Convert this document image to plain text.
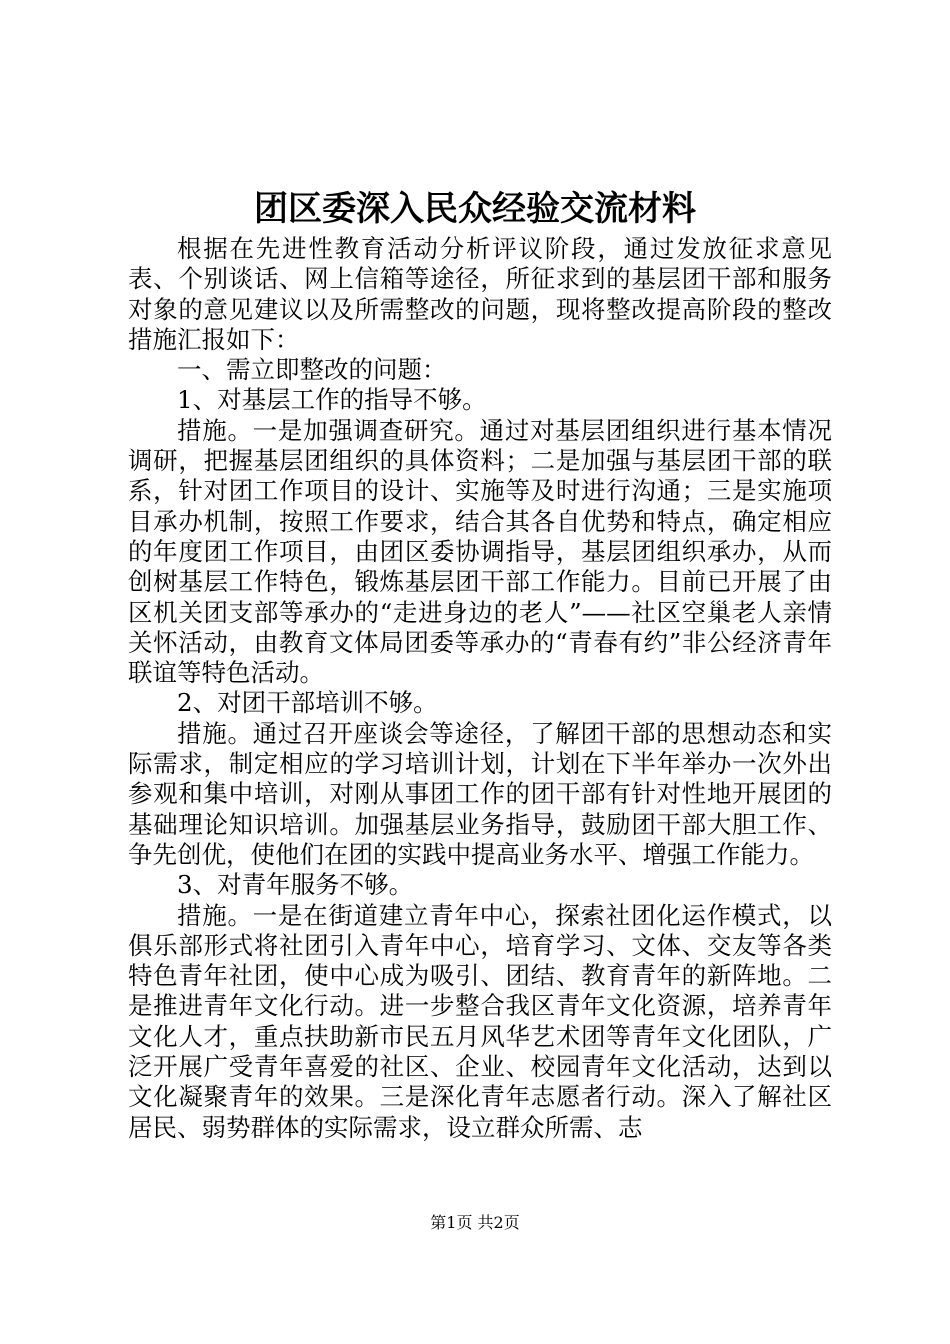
团区委深入民众经验交流材料

根据在先进性教育活动分析评议阶段，通过发放征求意见表、个别谈话、网上信箱等途径，所征求到的基层团干部和服务对象的意见建议以及所需整改的问题，现将整改提高阶段的整改措施汇报如下：

一、需立即整改的问题：

1、对基层工作的指导不够。

措施。一是加强调查研究。通过对基层团组织进行基本情况调研，把握基层团组织的具体资料；二是加强与基层团干部的联系，针对团工作项目的设计、实施等及时进行沟通；三是实施项目承办机制，按照工作要求，结合其各自优势和特点，确定相应的年度团工作项目，由团区委协调指导，基层团组织承办，从而创树基层工作特色，锻炼基层团干部工作能力。目前已开展了由区机关团支部等承办的“走进身边的老人”——社区空巢老人亲情关怀活动，由教育文体局团委等承办的“青春有约”非公经济青年联谊等特色活动。

2、对团干部培训不够。

措施。通过召开座谈会等途径，了解团干部的思想动态和实际需求，制定相应的学习培训计划，计划在下半年举办一次外出参观和集中培训，对刚从事团工作的团干部有针对性地开展团的基础理论知识培训。加强基层业务指导，鼓励团干部大胆工作、争先创优，使他们在团的实践中提高业务水平、增强工作能力。

3、对青年服务不够。

措施。一是在街道建立青年中心，探索社团化运作模式，以俱乐部形式将社团引入青年中心，培育学习、文体、交友等各类特色青年社团，使中心成为吸引、团结、教育青年的新阵地。二是推进青年文化行动。进一步整合我区青年文化资源，培养青年文化人才，重点扶助新市民五月风华艺术团等青年文化团队，广泛开展广受青年喜爱的社区、企业、校园青年文化活动，达到以文化凝聚青年的效果。三是深化青年志愿者行动。深入了解社区居民、弱势群体的实际需求，设立群众所需、志

第1页 共2页
